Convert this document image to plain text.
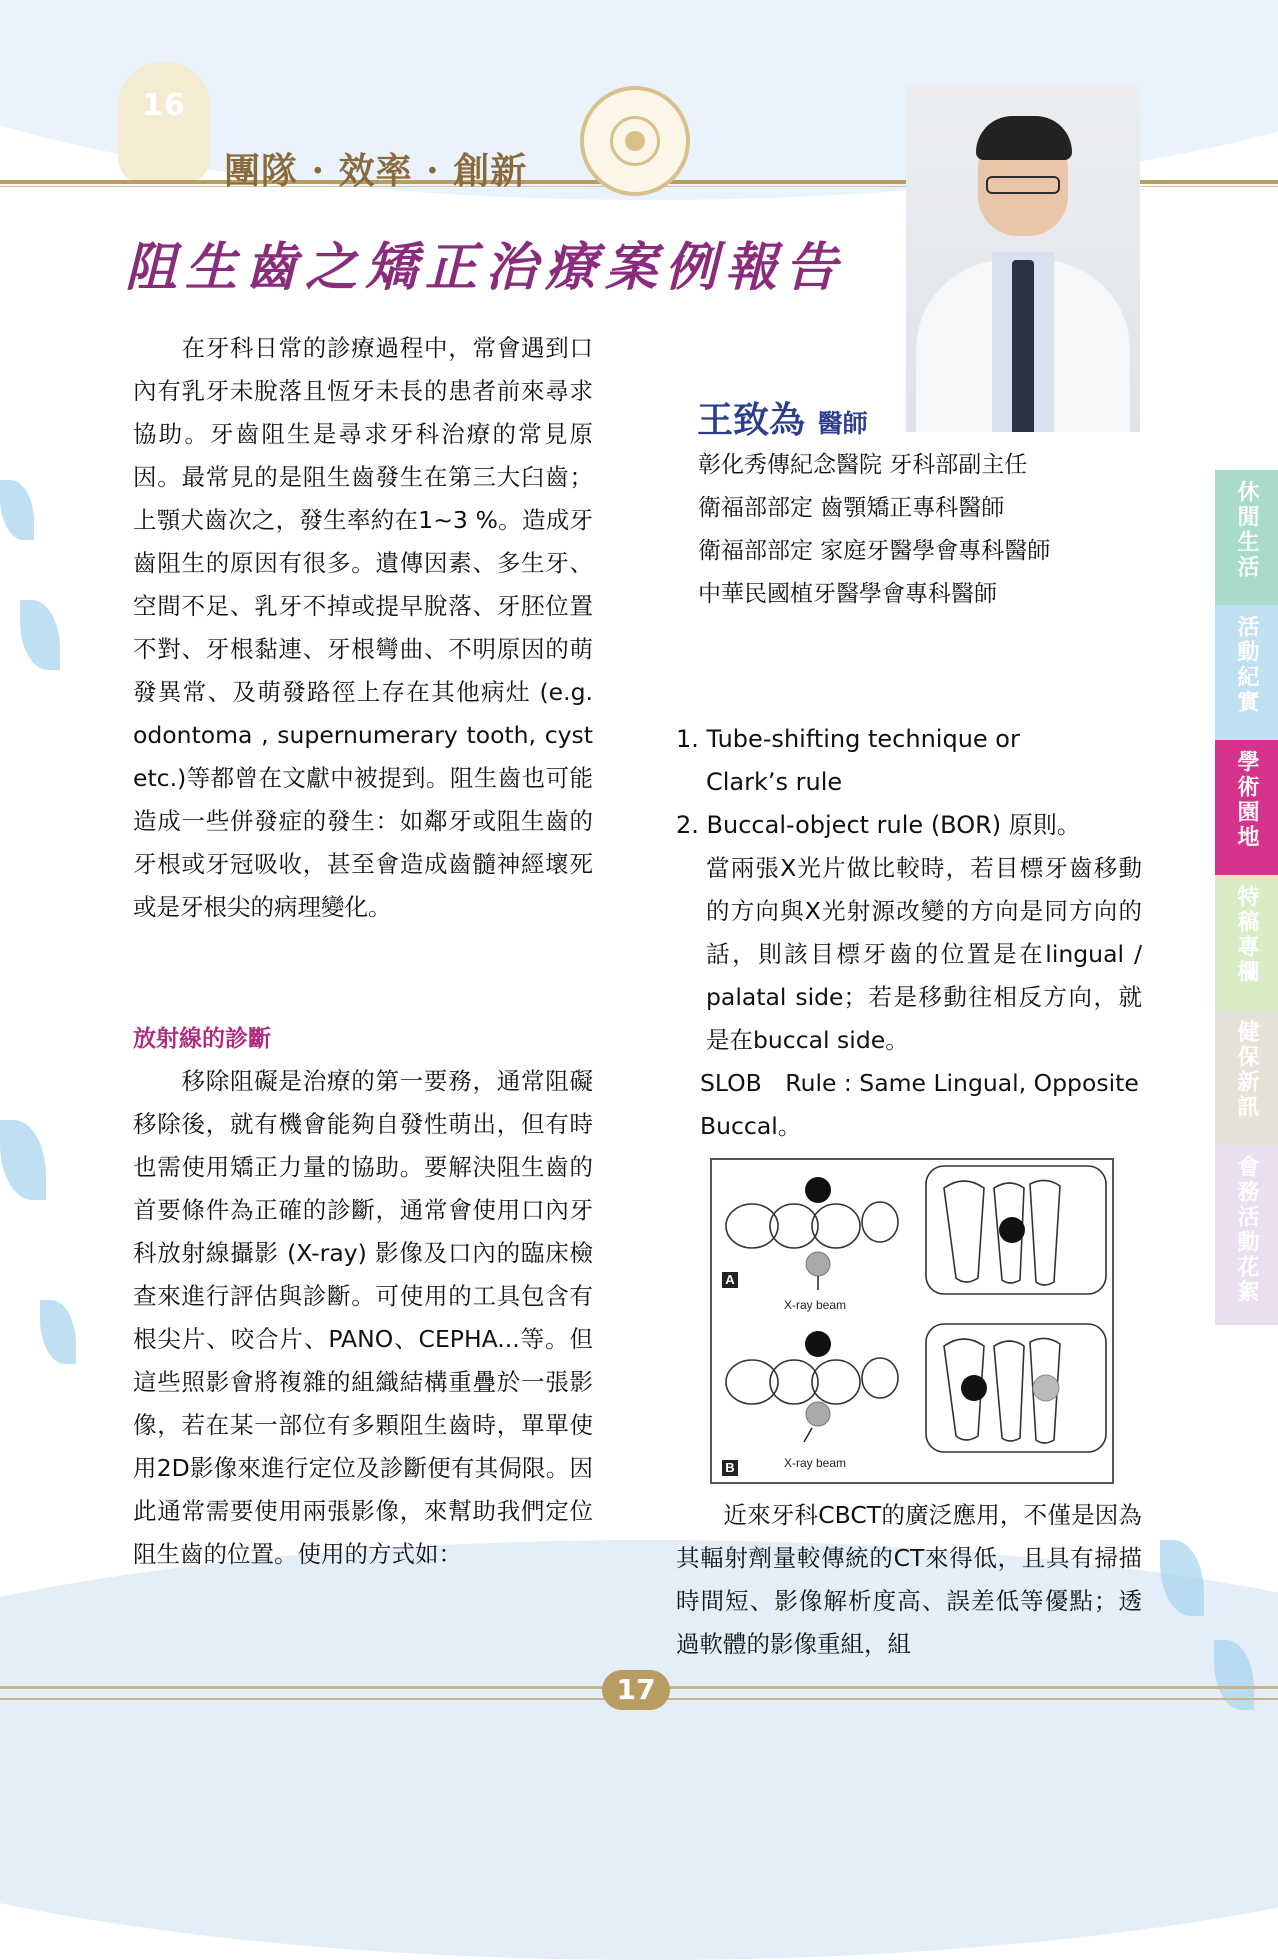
16
團隊 · 效率 · 創新
阻生齒之矯正治療案例報告
王致為 醫師
彰化秀傳紀念醫院 牙科部副主任
衛福部部定 齒顎矯正專科醫師
衛福部部定 家庭牙醫學會專科醫師
中華民國植牙醫學會專科醫師

　　在牙科日常的診療過程中，常會遇到口內有乳牙未脫落且恆牙未長的患者前來尋求協助。牙齒阻生是尋求牙科治療的常見原因。最常見的是阻生齒發生在第三大臼齒；上顎犬齒次之，發生率約在1~3 %。造成牙齒阻生的原因有很多。遺傳因素、多生牙、空間不足、乳牙不掉或提早脫落、牙胚位置不對、牙根黏連、牙根彎曲、不明原因的萌發異常、及萌發路徑上存在其他病灶 (e.g. odontoma , supernumerary tooth, cyst etc.)等都曾在文獻中被提到。阻生齒也可能造成一些併發症的發生：如鄰牙或阻生齒的牙根或牙冠吸收，甚至會造成齒髓神經壞死或是牙根尖的病理變化。

放射線的診斷

　　移除阻礙是治療的第一要務，通常阻礙移除後，就有機會能夠自發性萌出，但有時也需使用矯正力量的協助。要解決阻生齒的首要條件為正確的診斷，通常會使用口內牙科放射線攝影 (X-ray) 影像及口內的臨床檢查來進行評估與診斷。可使用的工具包含有根尖片、咬合片、PANO、CEPHA...等。但這些照影會將複雜的組織結構重疊於一張影像，若在某一部位有多顆阻生齒時，單單使用2D影像來進行定位及診斷便有其侷限。因此通常需要使用兩張影像，來幫助我們定位阻生齒的位置。使用的方式如：

1. Tube-shifting technique or
Clark’s rule
2. Buccal-object rule (BOR) 原則。

當兩張X光片做比較時，若目標牙齒移動的方向與X光射源改變的方向是同方向的話，則該目標牙齒的位置是在lingual / palatal side；若是移動往相反方向，就是在buccal side。

SLOB　Rule : Same Lingual, Opposite Buccal。

A
X-ray beam
B	X-ray beam

　　近來牙科CBCT的廣泛應用，不僅是因為其輻射劑量較傳統的CT來得低，且具有掃描時間短、影像解析度高、誤差低等優點；透過軟體的影像重組，組

休閒生活
活動紀實
學術園地
特稿專欄
健保新訊
會務活動花絮
17
